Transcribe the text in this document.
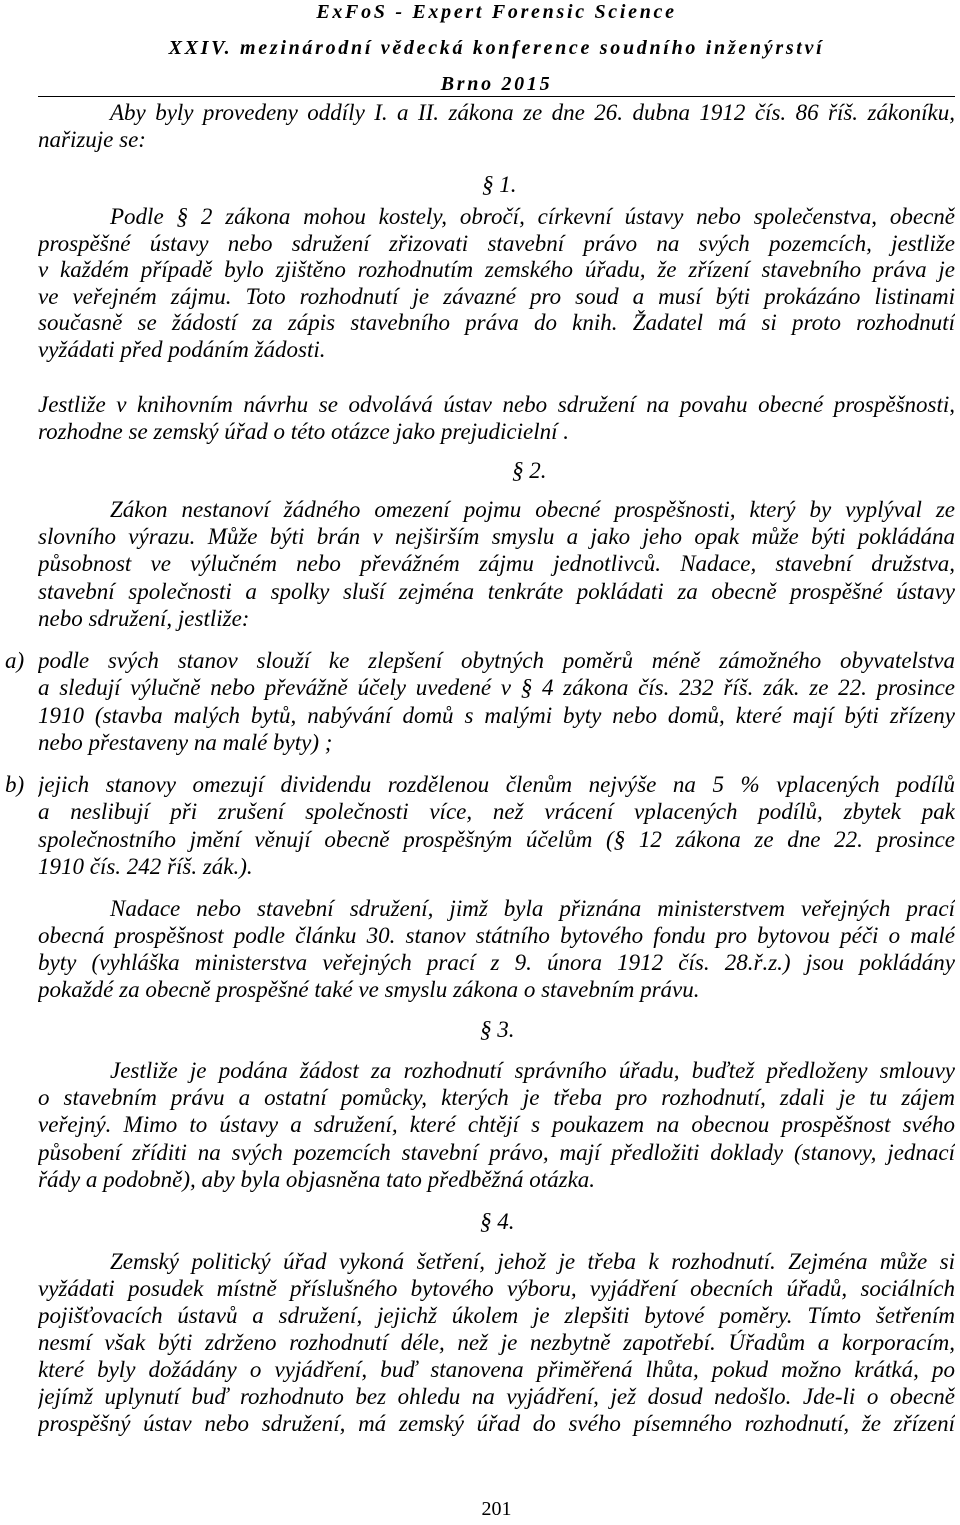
ExFoS - Expert Forensic Science
XXIV. mezinárodní vědecká konference soudního inženýrství
Brno 2015
Aby byly provedeny oddíly I. a II. zákona ze dne 26. dubna 1912 čís. 86 říš. zákoníku,
nařizuje se:
§ 1.
Podle § 2 zákona mohou kostely, obročí, církevní ústavy nebo společenstva, obecně
prospěšné ústavy nebo sdružení zřizovati stavební právo na svých pozemcích, jestliže
v každém případě bylo zjištěno rozhodnutím zemského úřadu, že zřízení stavebního práva je
ve veřejném zájmu. Toto rozhodnutí je závazné pro soud a musí býti prokázáno listinami
současně se žádostí za zápis stavebního práva do knih. Žadatel má si proto rozhodnutí
vyžádati před podáním žádosti.
Jestliže v knihovním návrhu se odvolává ústav nebo sdružení na povahu obecné prospěšnosti,
rozhodne se zemský úřad o této otázce jako prejudicielní .
§ 2.
Zákon nestanoví žádného omezení pojmu obecné prospěšnosti, který by vyplýval ze
slovního výrazu. Může býti brán v nejširším smyslu a jako jeho opak může býti pokládána
působnost ve výlučném nebo převážném zájmu jednotlivců. Nadace, stavební družstva,
stavební společnosti a spolky sluší zejména tenkráte pokládati za obecně prospěšné ústavy
nebo sdružení, jestliže:
a) podle svých stanov slouží ke zlepšení obytných poměrů méně zámožného obyvatelstva
a sledují výlučně nebo převážně účely uvedené v § 4 zákona čís. 232 říš. zák. ze 22. prosince
1910 (stavba malých bytů, nabývání domů s malými byty nebo domů, které mají býti zřízeny
nebo přestaveny na malé byty) ;
b) jejich stanovy omezují dividendu rozdělenou členům nejvýše na 5 % vplacených podílů
a neslibují při zrušení společnosti více, než vrácení vplacených podílů, zbytek pak
společnostního jmění věnují obecně prospěšným účelům (§ 12 zákona ze dne 22. prosince
1910 čís. 242 říš. zák.).
Nadace nebo stavební sdružení, jimž byla přiznána ministerstvem veřejných prací
obecná prospěšnost podle článku 30. stanov státního bytového fondu pro bytovou péči o malé
byty (vyhláška ministerstva veřejných prací z 9. února 1912 čís. 28.ř.z.) jsou pokládány
pokaždé za obecně prospěšné také ve smyslu zákona o stavebním právu.
§ 3.
Jestliže je podána žádost za rozhodnutí správního úřadu, buďtež předloženy smlouvy
o stavebním právu a ostatní pomůcky, kterých je třeba pro rozhodnutí, zdali je tu zájem
veřejný. Mimo to ústavy a sdružení, které chtějí s poukazem na obecnou prospěšnost svého
působení zříditi na svých pozemcích stavební právo, mají předložiti doklady (stanovy, jednací
řády a podobně), aby byla objasněna tato předběžná otázka.
§ 4.
Zemský politický úřad vykoná šetření, jehož je třeba k rozhodnutí. Zejména může si
vyžádati posudek místně příslušného bytového výboru, vyjádření obecních úřadů, sociálních
pojišťovacích ústavů a sdružení, jejichž úkolem je zlepšiti bytové poměry. Tímto šetřením
nesmí však býti zdrženo rozhodnutí déle, než je nezbytně zapotřebí. Úřadům a korporacím,
které byly dožádány o vyjádření, buď stanovena přiměřená lhůta, pokud možno krátká, po
jejímž uplynutí buď rozhodnuto bez ohledu na vyjádření, jež dosud nedošlo. Jde-li o obecně
prospěšný ústav nebo sdružení, má zemský úřad do svého písemného rozhodnutí, že zřízení
201
